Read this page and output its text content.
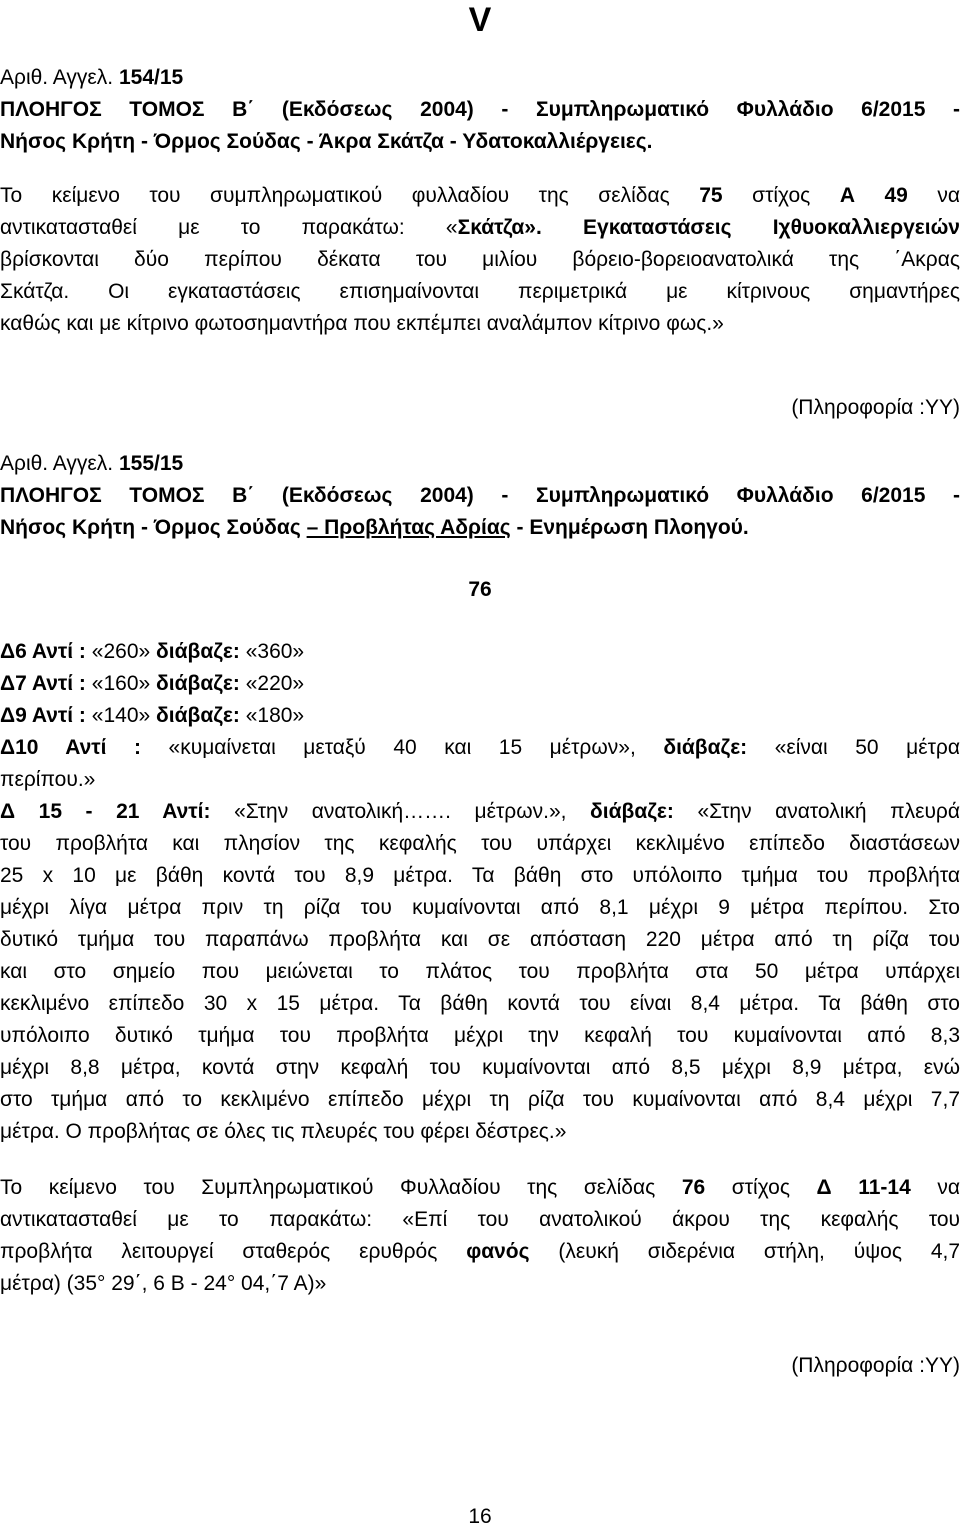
V
Αριθ. Αγγελ. 154/15
ΠΛΟΗΓΟΣ ΤΟΜΟΣ Β΄ (Εκδόσεως 2004) - Συμπληρωματικό Φυλλάδιο 6/2015 -
Νήσος Κρήτη - Όρμος Σούδας - Άκρα Σκάτζα - Υδατοκαλλιέργειες.
Το κείμενο του συμπληρωματικού φυλλαδίου της σελίδας 75 στίχος Α 49 να
αντικατασταθεί με το παρακάτω: «Σκάτζα». Εγκαταστάσεις Ιχθυοκαλλιεργειών
βρίσκονται δύο περίπου δέκατα του μιλίου βόρειο-βορειοανατολικά της ΄Ακρας
Σκάτζα. Οι εγκαταστάσεις επισημαίνονται περιμετρικά με κίτρινους σημαντήρες
καθώς και με κίτρινο φωτοσημαντήρα που εκπέμπει αναλάμπον κίτρινο φως.»
(Πληροφορία :ΥΥ)
Αριθ. Αγγελ. 155/15
ΠΛΟΗΓΟΣ ΤΟΜΟΣ Β΄ (Εκδόσεως 2004) - Συμπληρωματικό Φυλλάδιο 6/2015 -
Νήσος Κρήτη - Όρμος Σούδας – Προβλήτας Αδρίας - Ενημέρωση Πλοηγού.
76
Δ6 Αντί : «260» διάβαζε: «360»
Δ7 Αντί : «160» διάβαζε: «220»
Δ9 Αντί : «140» διάβαζε: «180»
Δ10 Αντί : «κυμαίνεται μεταξύ 40 και 15 μέτρων», διάβαζε: «είναι 50 μέτρα
περίπου.»
Δ 15 - 21 Αντί: «Στην ανατολική……. μέτρων.», διάβαζε: «Στην ανατολική πλευρά
του προβλήτα και πλησίον της κεφαλής του υπάρχει κεκλιμένο επίπεδο διαστάσεων
25 x 10 με βάθη κοντά του 8,9 μέτρα. Τα βάθη στο υπόλοιπο τμήμα του προβλήτα
μέχρι λίγα μέτρα πριν τη ρίζα του κυμαίνονται από 8,1 μέχρι 9 μέτρα περίπου. Στο
δυτικό τμήμα του παραπάνω προβλήτα και σε απόσταση 220 μέτρα από τη ρίζα του
και στο σημείο που μειώνεται το πλάτος του προβλήτα στα 50 μέτρα υπάρχει
κεκλιμένο επίπεδο 30 x 15 μέτρα. Τα βάθη κοντά του είναι 8,4 μέτρα. Τα βάθη στο
υπόλοιπο δυτικό τμήμα του προβλήτα μέχρι την κεφαλή του κυμαίνονται από 8,3
μέχρι 8,8 μέτρα, κοντά στην κεφαλή του κυμαίνονται από 8,5 μέχρι 8,9 μέτρα, ενώ
στο τμήμα από το κεκλιμένο επίπεδο μέχρι τη ρίζα του κυμαίνονται από 8,4 μέχρι 7,7
μέτρα. Ο προβλήτας σε όλες τις πλευρές του φέρει δέστρες.»
Το κείμενο του Συμπληρωματικού Φυλλαδίου της σελίδας 76 στίχος Δ 11-14 να
αντικατασταθεί με το παρακάτω: «Επί του ανατολικού άκρου της κεφαλής του
προβλήτα λειτουργεί σταθερός ερυθρός φανός (λευκή σιδερένια στήλη, ύψος 4,7
μέτρα) (35° 29΄, 6 Β - 24° 04,΄7 Α)»
(Πληροφορία :ΥΥ)
16
